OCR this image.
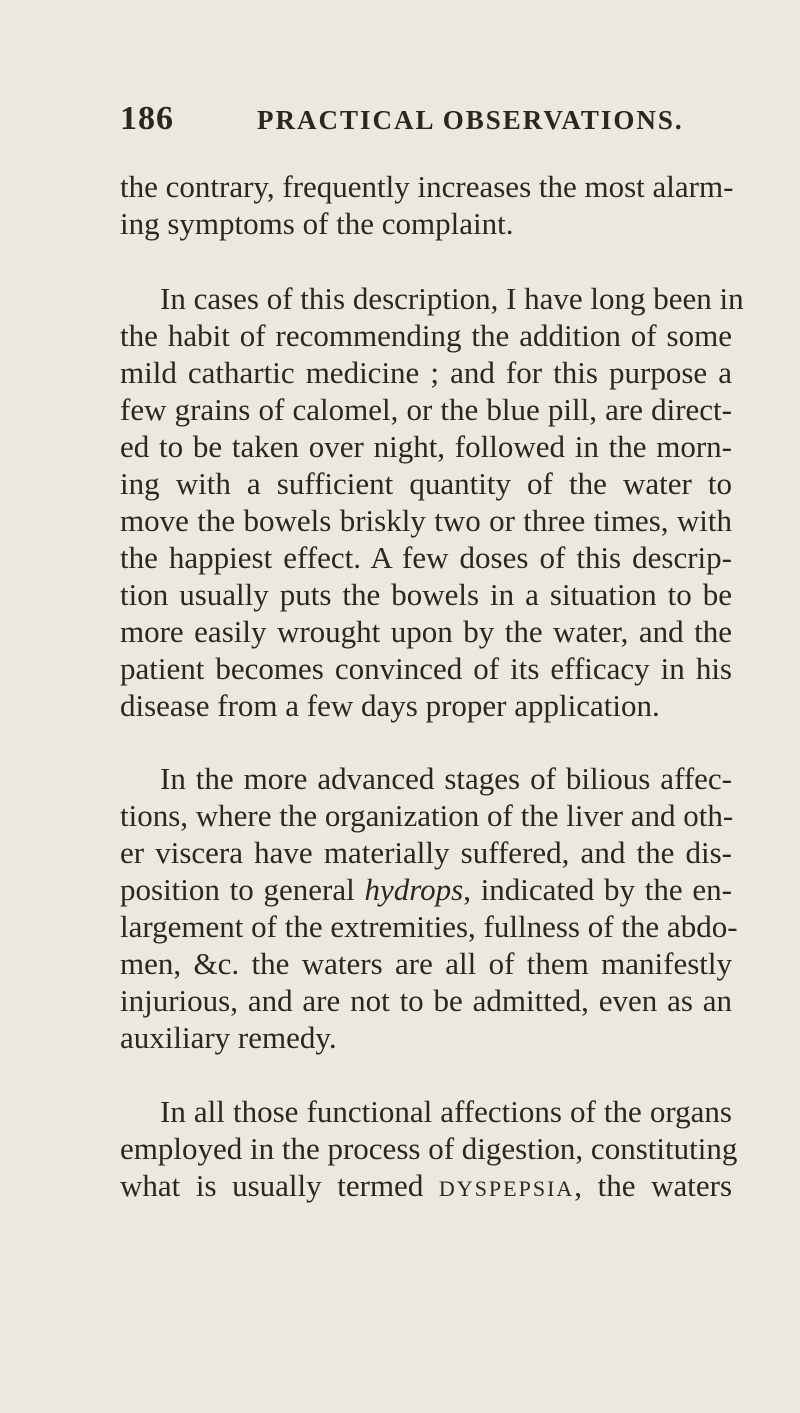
186	PRACTICAL OBSERVATIONS.
the contrary, frequently increases the most alarm-
ing symptoms of the complaint.
In cases of this description, I have long been in
the habit of recommending the addition of some
mild cathartic medicine ; and for this purpose a
few grains of calomel, or the blue pill, are direct-
ed to be taken over night, followed in the morn-
ing with a sufficient quantity of the water to
move the bowels briskly two or three times, with
the happiest effect. A few doses of this descrip-
tion usually puts the bowels in a situation to be
more easily wrought upon by the water, and the
patient becomes convinced of its efficacy in his
disease from a few days proper application.
In the more advanced stages of bilious affec-
tions, where the organization of the liver and oth-
er viscera have materially suffered, and the dis-
position to general hydrops, indicated by the en-
largement of the extremities, fullness of the abdo-
men, &c. the waters are all of them manifestly
injurious, and are not to be admitted, even as an
auxiliary remedy.
In all those functional affections of the organs
employed in the process of digestion, constituting
what is usually termed dyspepsia, the waters
